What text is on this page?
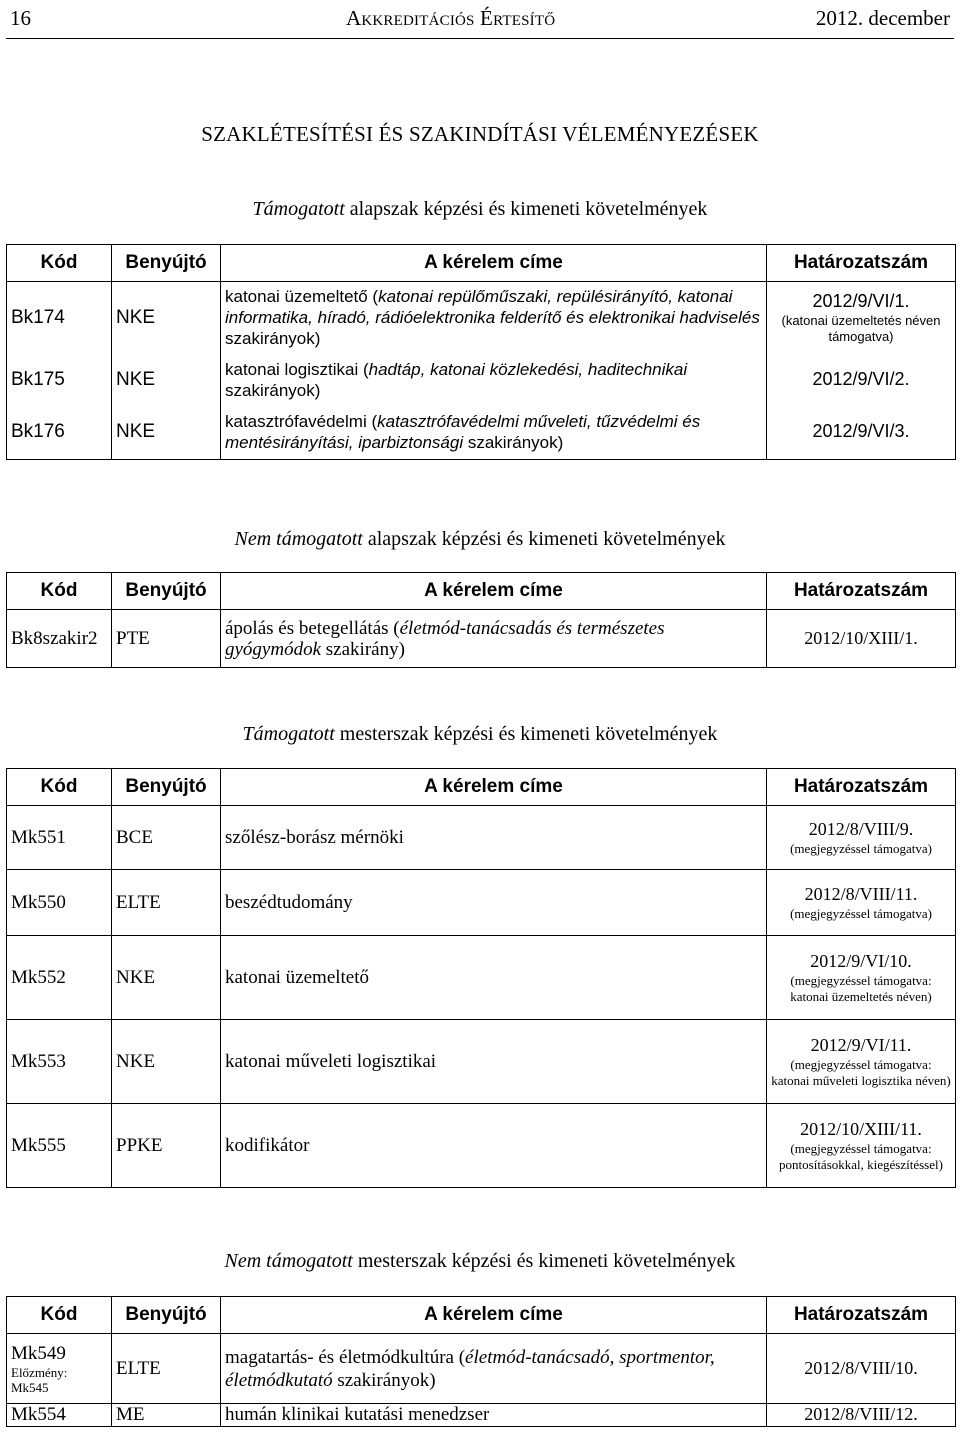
16	Akkreditációs Értesítő	2012. december
SZAKLÉTESÍTÉSI ÉS SZAKINDÍTÁSI VÉLEMÉNYEZÉSEK
Támogatott alapszak képzési és kimeneti követelmények
Kód	Benyújtó	A kérelem címe	Határozatszám
Bk174	NKE	katonai üzemeltető (katonai repülőműszaki, repülésirányító, katonai informatika, híradó, rádióelektronika felderítő és elektronikai hadviselés szakirányok)	2012/9/VI/1.
(katonai üzemeltetés néven támogatva)

Bk175	NKE	katonai logisztikai (hadtáp, katonai közlekedési, haditechnikai szakirányok)	2012/9/VI/2.
Bk176	NKE	katasztrófavédelmi (katasztrófavédelmi műveleti, tűzvédelmi és mentésirányítási, iparbiztonsági szakirányok)	2012/9/VI/3.
Nem támogatott alapszak képzési és kimeneti követelmények
Kód	Benyújtó	A kérelem címe	Határozatszám
Bk8szakir2	PTE	ápolás és betegellátás (életmód-tanácsadás és természetes gyógymódok szakirány)	2012/10/XIII/1.
Támogatott mesterszak képzési és kimeneti követelmények
Kód	Benyújtó	A kérelem címe	Határozatszám
Mk551	BCE	szőlész-borász mérnöki	2012/8/VIII/9.
(megjegyzéssel támogatva)

Mk550	ELTE	beszédtudomány	2012/8/VIII/11.
(megjegyzéssel támogatva)

Mk552	NKE	katonai üzemeltető	2012/9/VI/10.
(megjegyzéssel támogatva: katonai üzemeltetés néven)

Mk553	NKE	katonai műveleti logisztikai	2012/9/VI/11.
(megjegyzéssel támogatva: katonai műveleti logisztika néven)

Mk555	PPKE	kodifikátor	2012/10/XIII/11.
(megjegyzéssel támogatva: pontosításokkal, kiegészítéssel)
Nem támogatott mesterszak képzési és kimeneti követelmények
Kód	Benyújtó	A kérelem címe	Határozatszám
Mk549
Előzmény:
Mk545	ELTE	magatartás- és életmódkultúra (életmód-tanácsadó, sportmentor, életmódkutató szakirányok)	2012/8/VIII/10.
Mk554	ME	humán klinikai kutatási menedzser	2012/8/VIII/12.
